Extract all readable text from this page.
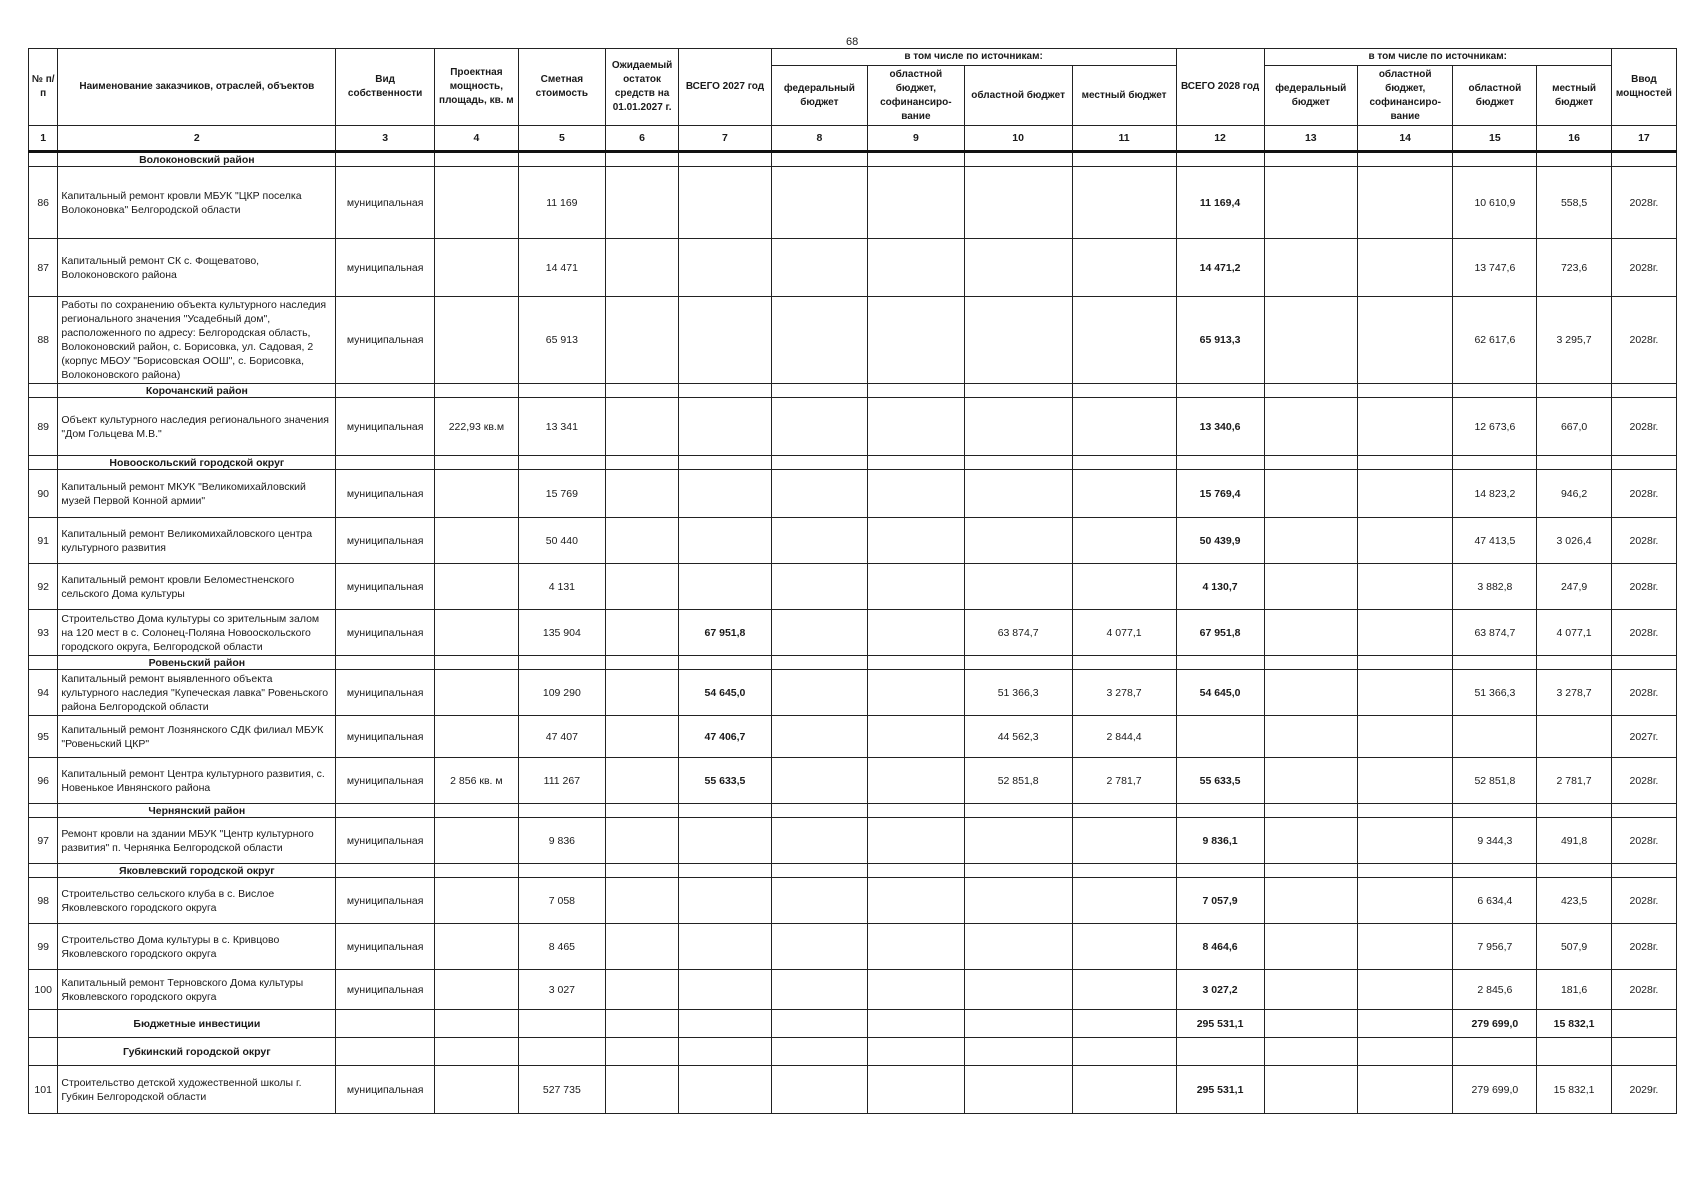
68
№ п/п	Наименование заказчиков, отраслей, объектов	Вид собственности	Проектная мощность, площадь, кв. м	Сметная стоимость	Ожидаемый остаток средств на 01.01.2027 г.	ВСЕГО 2027 год	в том числе по источникам:				ВСЕГО 2028 год	в том числе по источникам:				Ввод мощностей
							федеральный бюджет	областной бюджет, софинансиро-вание	областной бюджет	местный бюджет		федеральный бюджет	областной бюджет, софинансиро-вание	областной бюджет	местный бюджет	
1	2	3	4	5	6	7	8	9	10	11	12	13	14	15	16	17
	Волоконовский район															
86	Капитальный ремонт кровли МБУК "ЦКР поселка Волоконовка" Белгородской области	муниципальная		11 169							11 169,4			10 610,9	558,5	2028г.
87	Капитальный ремонт СК с. Фощеватово, Волоконовского района	муниципальная		14 471							14 471,2			13 747,6	723,6	2028г.
88	Работы по сохранению объекта культурного наследия регионального значения "Усадебный дом", расположенного по адресу: Белгородская область, Волоконовский район, с. Борисовка, ул. Садовая, 2 (корпус МБОУ "Борисовская ООШ", с. Борисовка, Волоконовского района)	муниципальная		65 913							65 913,3			62 617,6	3 295,7	2028г.
	Корочанский район															
89	Объект культурного наследия регионального значения "Дом Гольцева М.В."	муниципальная	222,93 кв.м	13 341							13 340,6			12 673,6	667,0	2028г.
	Новооскольский городской округ															
90	Капитальный ремонт МКУК "Великомихайловский музей Первой Конной армии"	муниципальная		15 769							15 769,4			14 823,2	946,2	2028г.
91	Капитальный ремонт Великомихайловского центра культурного развития	муниципальная		50 440							50 439,9			47 413,5	3 026,4	2028г.
92	Капитальный ремонт кровли Беломестненского сельского Дома культуры	муниципальная		4 131							4 130,7			3 882,8	247,9	2028г.
93	Строительство Дома культуры со зрительным залом на 120 мест в с. Солонец-Поляна Новооскольского городского округа, Белгородской области	муниципальная		135 904		67 951,8			63 874,7	4 077,1	67 951,8			63 874,7	4 077,1	2028г.
	Ровеньский район															
94	Капитальный ремонт выявленного объекта культурного наследия "Купеческая лавка" Ровеньского района Белгородской области	муниципальная		109 290		54 645,0			51 366,3	3 278,7	54 645,0			51 366,3	3 278,7	2028г.
95	Капитальный ремонт Лознянского СДК филиал МБУК "Ровеньский ЦКР"	муниципальная		47 407		47 406,7			44 562,3	2 844,4						2027г.
96	Капитальный ремонт Центра культурного развития, с. Новенькое Ивнянского района	муниципальная	2 856 кв. м	111 267		55 633,5			52 851,8	2 781,7	55 633,5			52 851,8	2 781,7	2028г.
	Чернянский район															
97	Ремонт кровли на здании МБУК "Центр культурного развития" п. Чернянка Белгородской области	муниципальная		9 836							9 836,1			9 344,3	491,8	2028г.
	Яковлевский городской округ															
98	Строительство сельского клуба в с. Вислое Яковлевского городского округа	муниципальная		7 058							7 057,9			6 634,4	423,5	2028г.
99	Строительство Дома культуры в с. Кривцово Яковлевского городского округа	муниципальная		8 465							8 464,6			7 956,7	507,9	2028г.
100	Капитальный ремонт Терновского Дома культуры Яковлевского городского округа	муниципальная		3 027							3 027,2			2 845,6	181,6	2028г.
	Бюджетные инвестиции										295 531,1			279 699,0	15 832,1	
	Губкинский городской округ															
101	Строительство детской художественной школы г. Губкин Белгородской области	муниципальная		527 735							295 531,1			279 699,0	15 832,1	2029г.
